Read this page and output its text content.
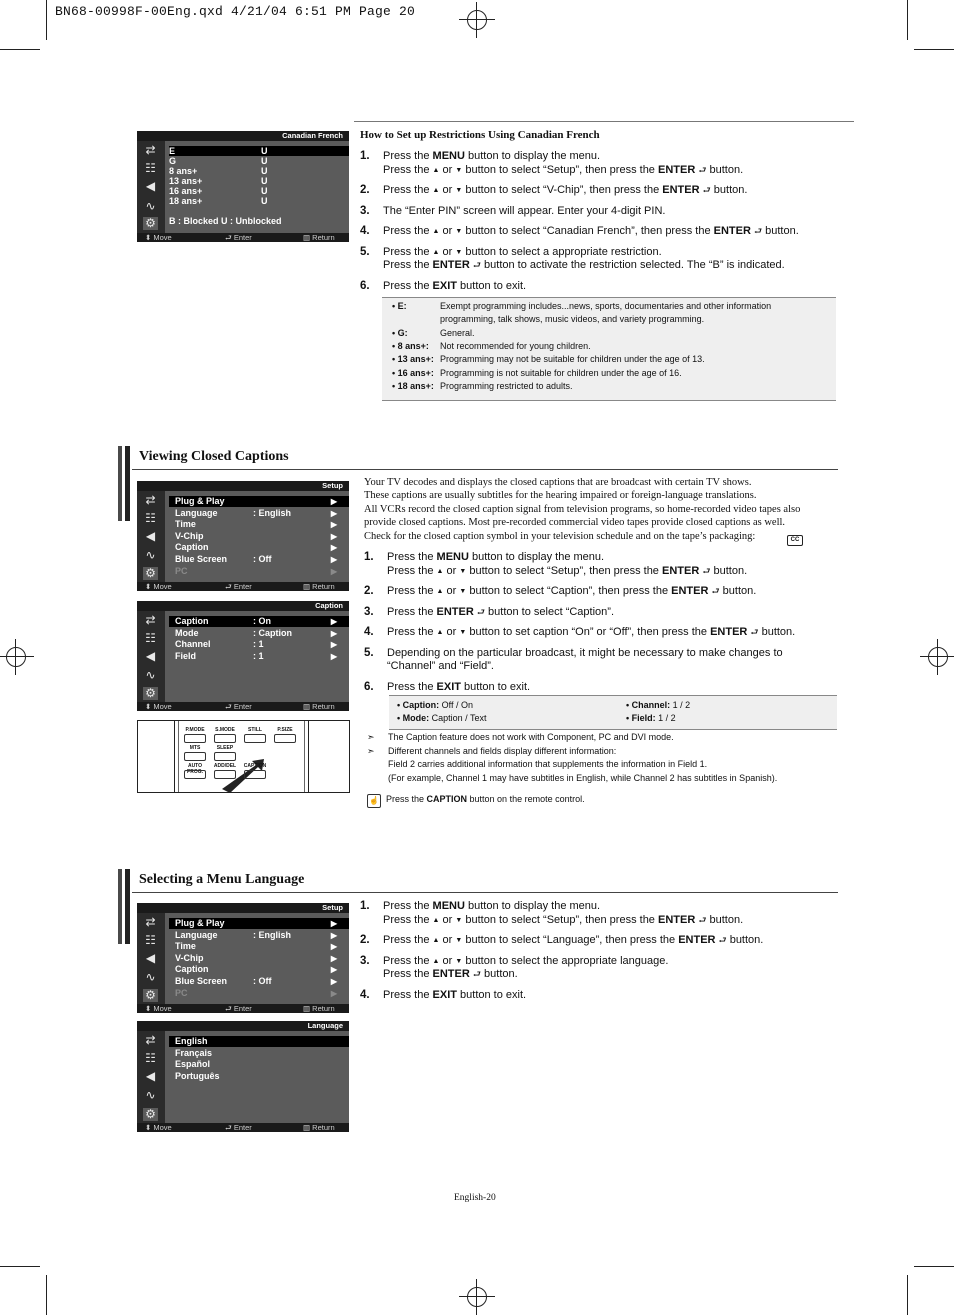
BN68-00998F-00Eng.qxd 4/21/04 6:51 PM Page 20
Canadian French
⇄
☷
◀
∿
⚙ B : Blocked U : Unblocked
⬍ Move	⮐ Enter	▥ Return
E	U
G	U
8 ans+	U
13 ans+	U
16 ans+	U
18 ans+	U
How to Set up Restrictions Using Canadian French
1. Press the MENU button to display the menu.
Press the ▲ or ▼ button to select “Setup”, then press the ENTER ⮐ button.
2. Press the ▲ or ▼ button to select “V-Chip”, then press the ENTER ⮐ button.
3. The “Enter PIN” screen will appear. Enter your 4-digit PIN.
4. Press the ▲ or ▼ button to select “Canadian French”, then press the ENTER ⮐ button.
5. Press the ▲ or ▼ button to select a appropriate restriction.
Press the ENTER ⮐ button to activate the restriction selected. The “B” is indicated.
6. Press the EXIT button to exit.
• E:	Exempt programming includes...news, sports, documentaries and other information
programming, talk shows, music videos, and variety programming.
• G:	General.
• 8 ans+: Not recommended for young children.
• 13 ans+: Programming may not be suitable for children under the age of 13.
• 16 ans+: Programming is not suitable for children under the age of 16.
• 18 ans+: Programming restricted to adults.
Viewing Closed Captions
Setup
⇄
☷
◀
∿
⚙
⬍ Move	⮐ Enter	▥ Return
Plug & Play	▶
Language	: English	▶
Time	▶
V-Chip	▶
Caption	▶
Blue Screen	: Off	▶
PC	▶
Caption
⇄
☷
◀
∿
⚙
⬍ Move	⮐ Enter	▥ Return
Caption	: On	▶
Mode	: Caption	▶
Channel	: 1	▶
Field	: 1	▶
P.MODE	S.MODE	STILL	P.SIZE
MTS	SLEEP
AUTO PROG.
ADD/DEL	CAPTION
Your TV decodes and displays the closed captions that are broadcast with certain TV shows.
These captions are usually subtitles for the hearing impaired or foreign-language translations.
All VCRs record the closed caption signal from television programs, so home-recorded video tapes also
provide closed captions. Most pre-recorded commercial video tapes provide closed captions as well.
Check for the closed caption symbol in your television schedule and on the tape’s packaging:	CC
1. Press the MENU button to display the menu.
Press the ▲ or ▼ button to select “Setup”, then press the ENTER ⮐ button.
2. Press the ▲ or ▼ button to select “Caption”, then press the ENTER ⮐ button.
3. Press the ENTER ⮐ button to select “Caption”.
4. Press the ▲ or ▼ button to set caption “On” or “Off”, then press the ENTER ⮐ button.
5. Depending on the particular broadcast, it might be necessary to make changes to
“Channel” and “Field”.
6. Press the EXIT button to exit.
• Caption: Off / On	• Channel: 1 / 2
• Mode: Caption / Text	• Field: 1 / 2
➣ The Caption feature does not work with Component, PC and DVI mode.
➣ Different channels and fields display different information:
Field 2 carries additional information that supplements the information in Field 1.
(For example, Channel 1 may have subtitles in English, while Channel 2 has subtitles in Spanish).
☝ Press the CAPTION button on the remote control.
Selecting a Menu Language
Setup
⇄
☷
◀
∿
⚙
⬍ Move	⮐ Enter	▥ Return
Plug & Play	▶
Language	: English	▶
Time	▶
V-Chip	▶
Caption	▶
Blue Screen	: Off	▶
PC	▶
Language
⇄
☷
◀
∿
⚙
⬍ Move	⮐ Enter	▥ Return
English
Français
Español
Português
1. Press the MENU button to display the menu.
Press the ▲ or ▼ button to select “Setup”, then press the ENTER ⮐ button.
2. Press the ▲ or ▼ button to select “Language”, then press the ENTER ⮐ button.
3. Press the ▲ or ▼ button to select the appropriate language.
Press the ENTER ⮐ button.
4. Press the EXIT button to exit.
English-20
